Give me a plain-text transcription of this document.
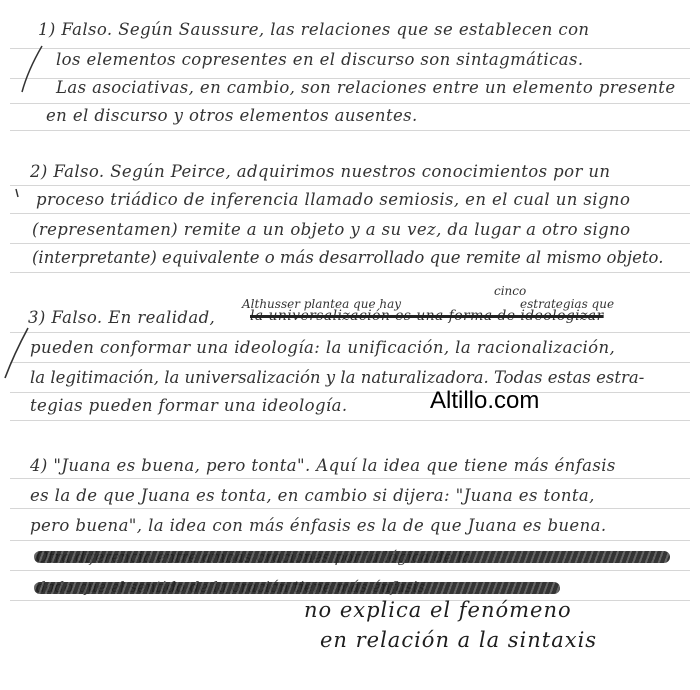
1) Falso. Según Saussure, las relaciones que se establecen con
los elementos copresentes en el discurso son sintagmáticas.
Las asociativas, en cambio, son relaciones entre un elemento presente
en el discurso y otros elementos ausentes.
2) Falso. Según Peirce, adquirimos nuestros conocimientos por un
proceso triádico de inferencia llamado semiosis, en el cual un signo
(representamen) remite a un objeto y a su vez, da lugar a otro signo
(interpretante) equivalente o más desarrollado que remite al mismo objeto.
cinco
Althusser plantea que hay	estrategias que
3) Falso. En realidad, la universalización es una forma de ideologizar
pueden conformar una ideología: la unificación, la racionalización,
la legitimación, la universalización y la naturalizadora. Todas estas estra-
tegias pueden formar una ideología.	Altillo.com
4) "Juana es buena, pero tonta". Aquí la idea que tiene más énfasis
es la de que Juana es tonta, en cambio si dijera: "Juana es tonta,
pero buena", la idea con más énfasis es la de que Juana es buena.
no explica el fenómeno
en relación a la sintaxis
